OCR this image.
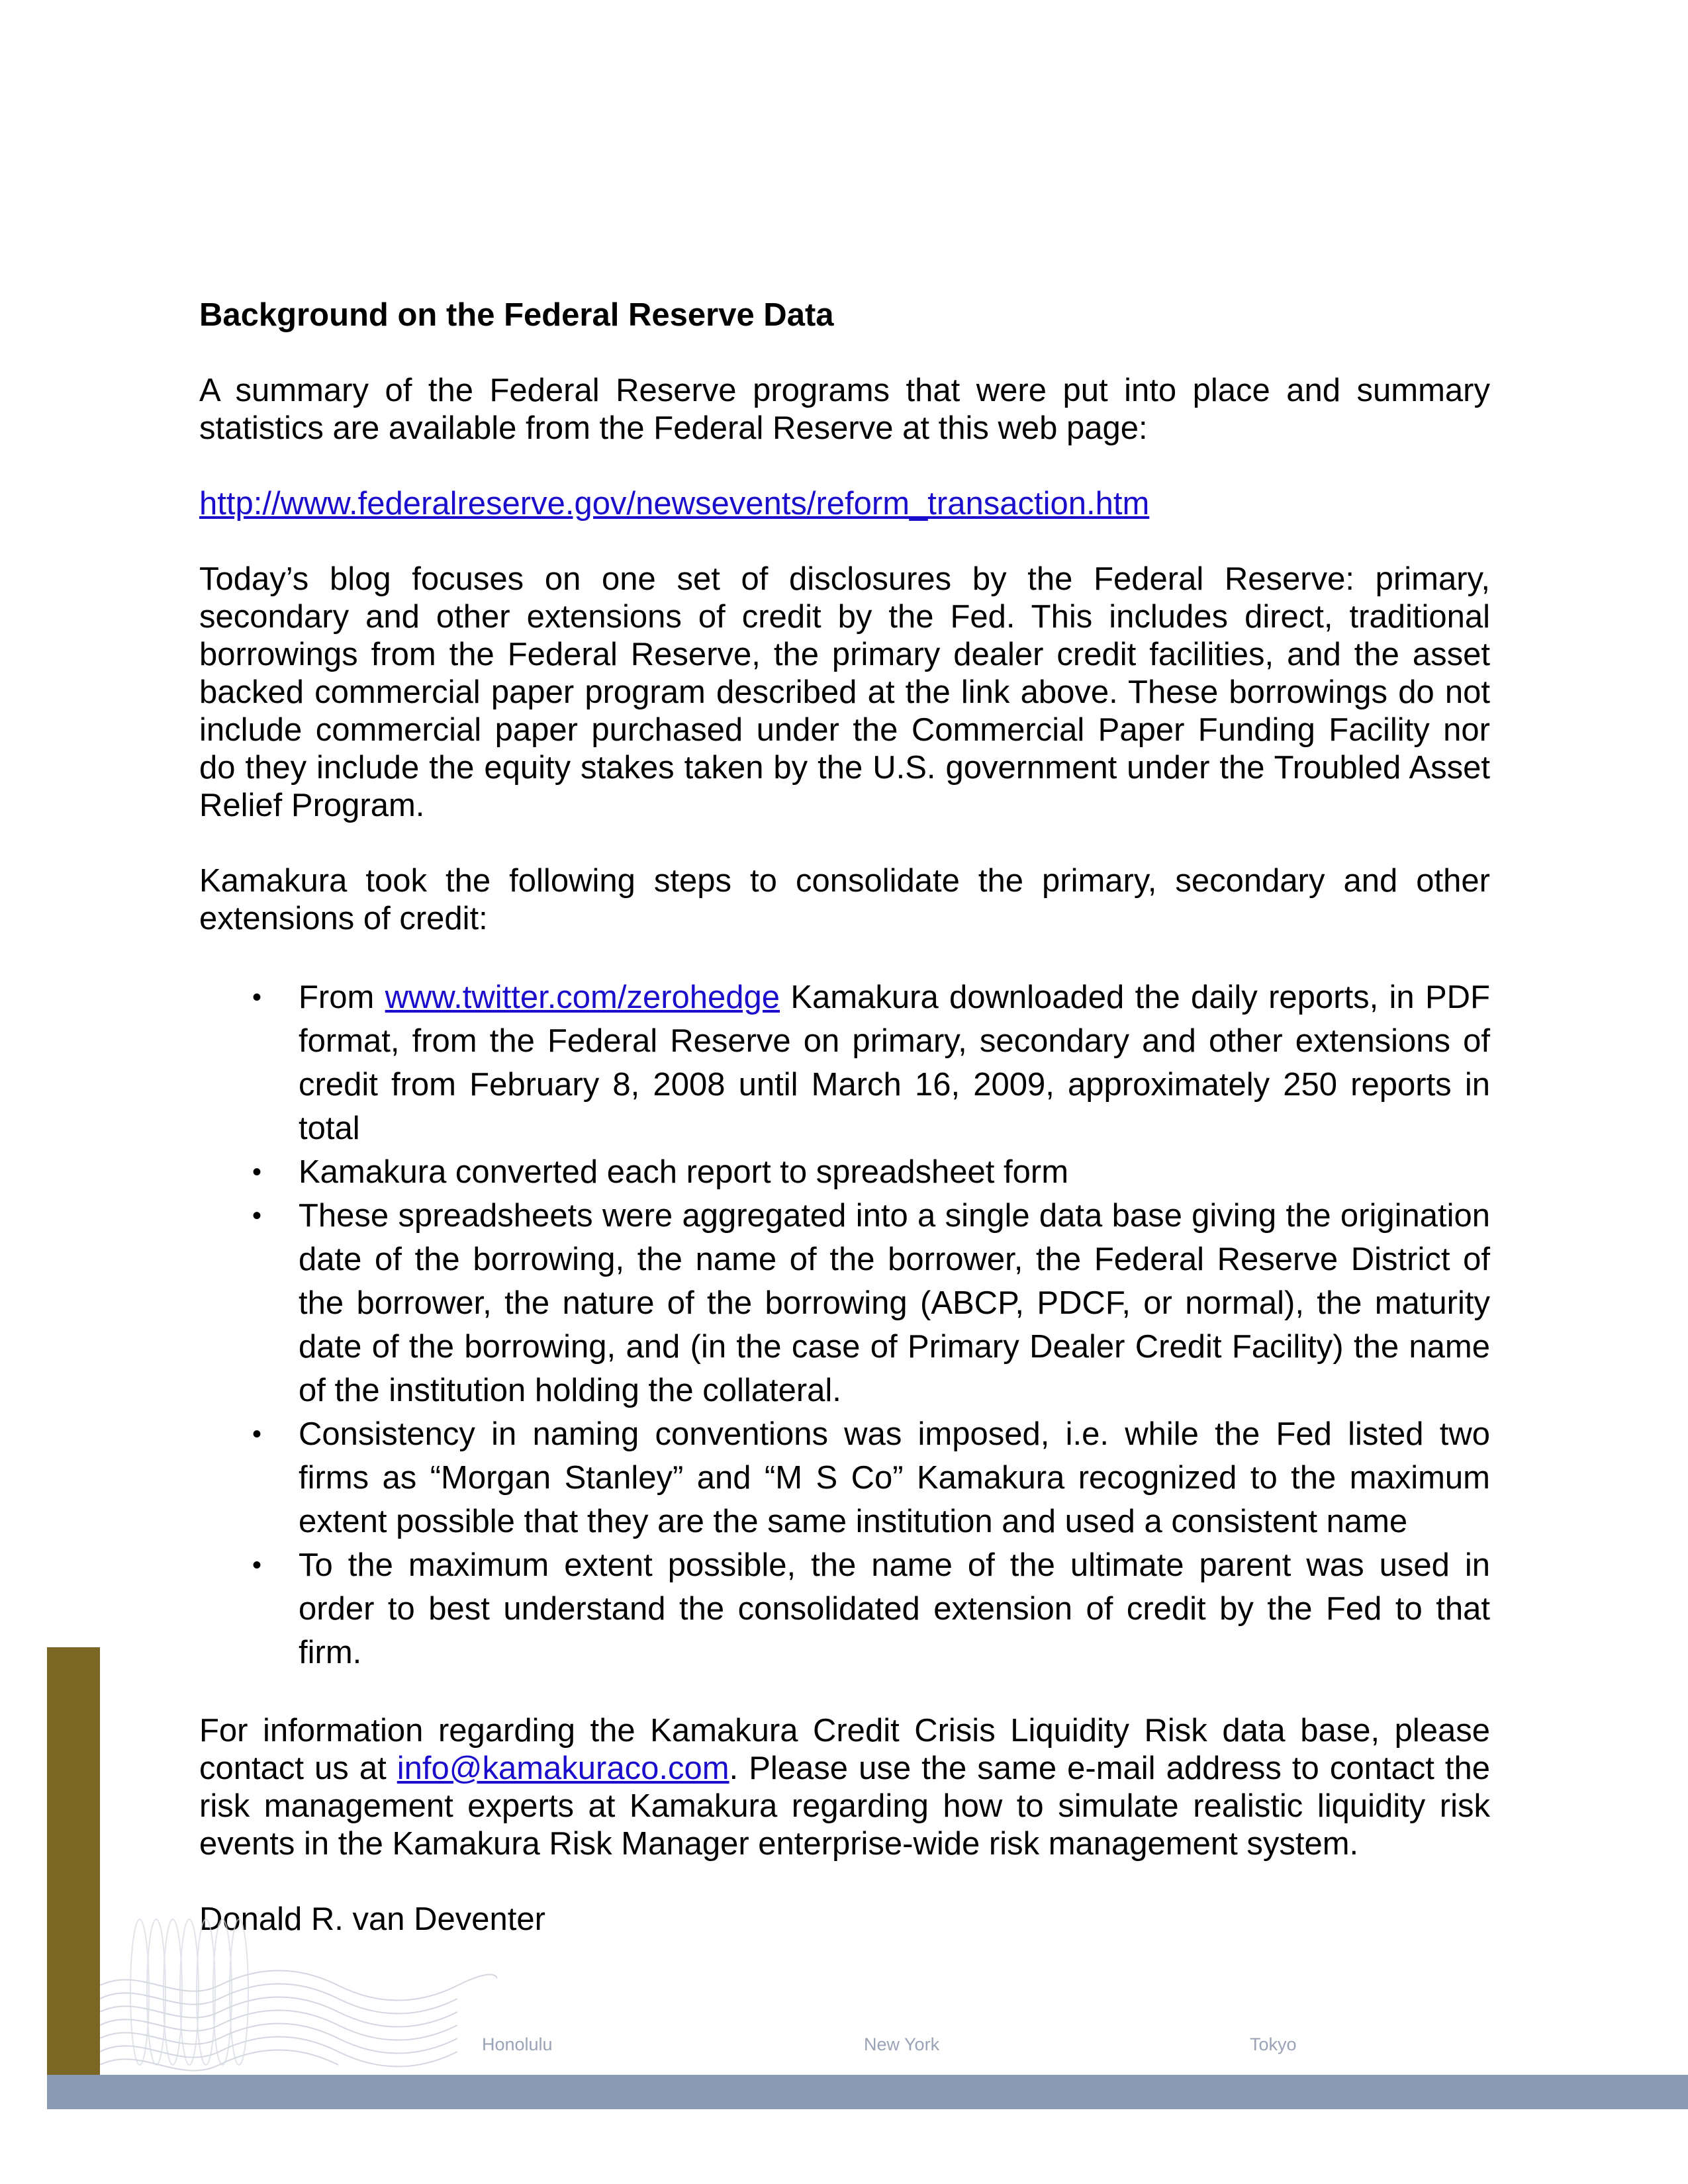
Background on the Federal Reserve Data

A summary of the Federal Reserve programs that were put into place and summary statistics are available from the Federal Reserve at this web page:

http://www.federalreserve.gov/newsevents/reform_transaction.htm

Today’s blog focuses on one set of disclosures by the Federal Reserve: primary, secondary and other extensions of credit by the Fed. This includes direct, traditional borrowings from the Federal Reserve, the primary dealer credit facilities, and the asset backed commercial paper program described at the link above. These borrowings do not include commercial paper purchased under the Commercial Paper Funding Facility nor do they include the equity stakes taken by the U.S. government under the Troubled Asset Relief Program.

Kamakura took the following steps to consolidate the primary, secondary and other extensions of credit:

• From www.twitter.com/zerohedge Kamakura downloaded the daily reports, in PDF format, from the Federal Reserve on primary, secondary and other extensions of credit from February 8, 2008 until March 16, 2009, approximately 250 reports in total
• Kamakura converted each report to spreadsheet form
• These spreadsheets were aggregated into a single data base giving the origination date of the borrowing, the name of the borrower, the Federal Reserve District of the borrower, the nature of the borrowing (ABCP, PDCF, or normal), the maturity date of the borrowing, and (in the case of Primary Dealer Credit Facility) the name of the institution holding the collateral.
• Consistency in naming conventions was imposed, i.e. while the Fed listed two firms as “Morgan Stanley” and “M S Co” Kamakura recognized to the maximum extent possible that they are the same institution and used a consistent name
• To the maximum extent possible, the name of the ultimate parent was used in order to best understand the consolidated extension of credit by the Fed to that firm.

For information regarding the Kamakura Credit Crisis Liquidity Risk data base, please contact us at info@kamakuraco.com. Please use the same e-mail address to contact the risk management experts at Kamakura regarding how to simulate realistic liquidity risk events in the Kamakura Risk Manager enterprise-wide risk management system.

Donald R. van Deventer

Honolulu	New York	Tokyo
